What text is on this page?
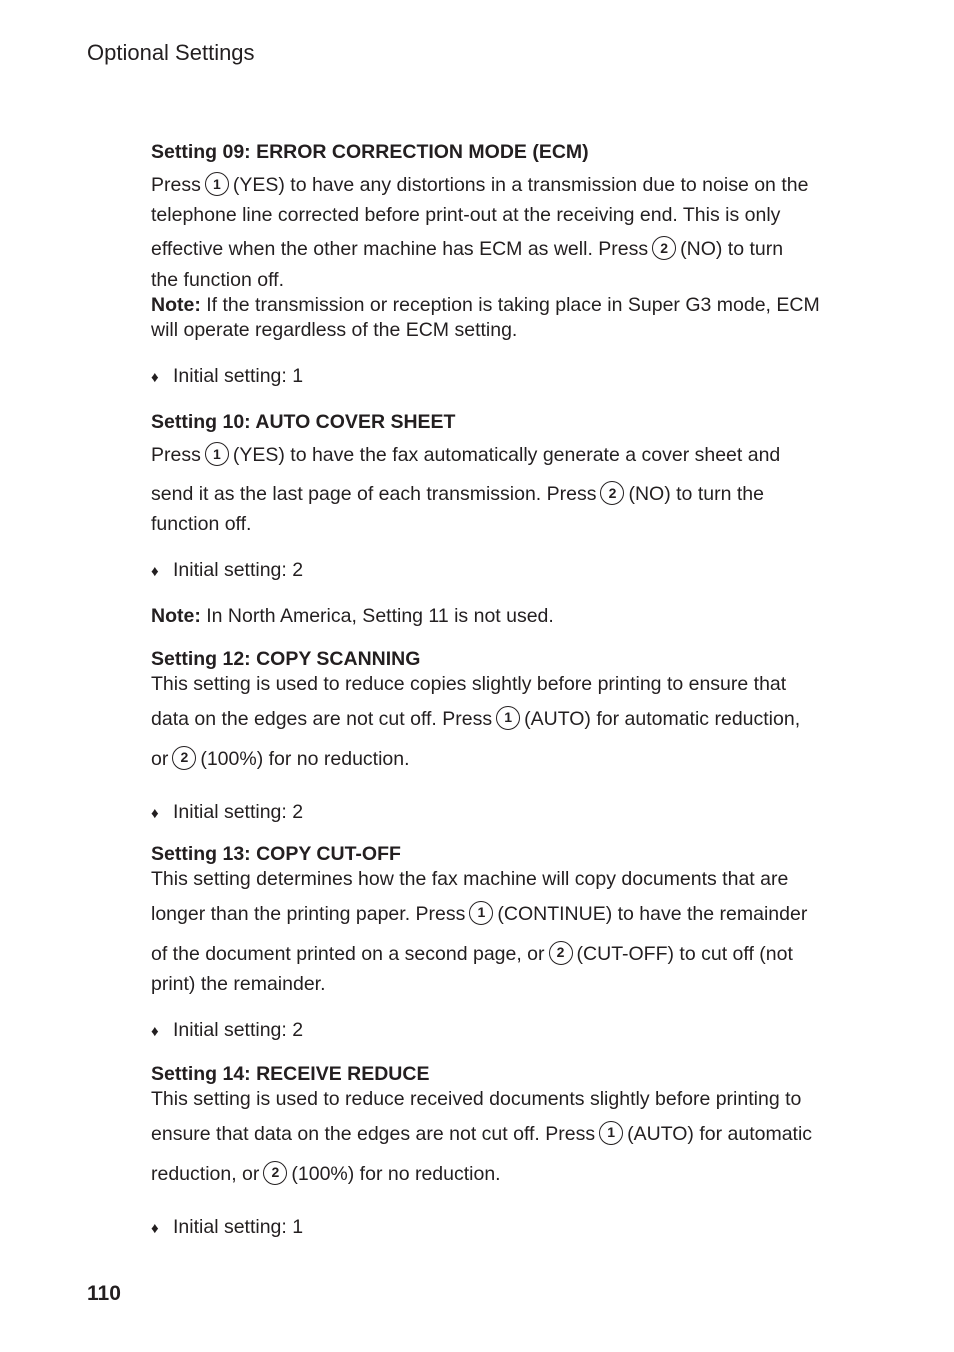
Optional Settings
Setting 09: ERROR CORRECTION MODE (ECM)
Press 1 (YES) to have any distortions in a transmission due to noise on the
telephone line corrected before print-out at the receiving end. This is only
effective when the other machine has ECM as well. Press 2 (NO) to turn
the function off.
Note: If the transmission or reception is taking place in Super G3 mode, ECM
will operate regardless of the ECM setting.
♦ Initial setting: 1
Setting 10: AUTO COVER SHEET
Press 1 (YES) to have the fax automatically generate a cover sheet and
send it as the last page of each transmission. Press 2 (NO) to turn the
function off.
♦ Initial setting: 2
Note: In North America, Setting 11 is not used.
Setting 12: COPY SCANNING
This setting is used to reduce copies slightly before printing to ensure that
data on the edges are not cut off. Press 1 (AUTO) for automatic reduction,
or 2 (100%) for no reduction.
♦ Initial setting: 2
Setting 13: COPY CUT-OFF
This setting determines how the fax machine will copy documents that are
longer than the printing paper. Press 1 (CONTINUE) to have the remainder
of the document printed on a second page, or 2 (CUT-OFF) to cut off (not
print) the remainder.
♦ Initial setting: 2
Setting 14: RECEIVE REDUCE
This setting is used to reduce received documents slightly before printing to
ensure that data on the edges are not cut off. Press 1 (AUTO) for automatic
reduction, or 2 (100%) for no reduction.
♦ Initial setting: 1
110
